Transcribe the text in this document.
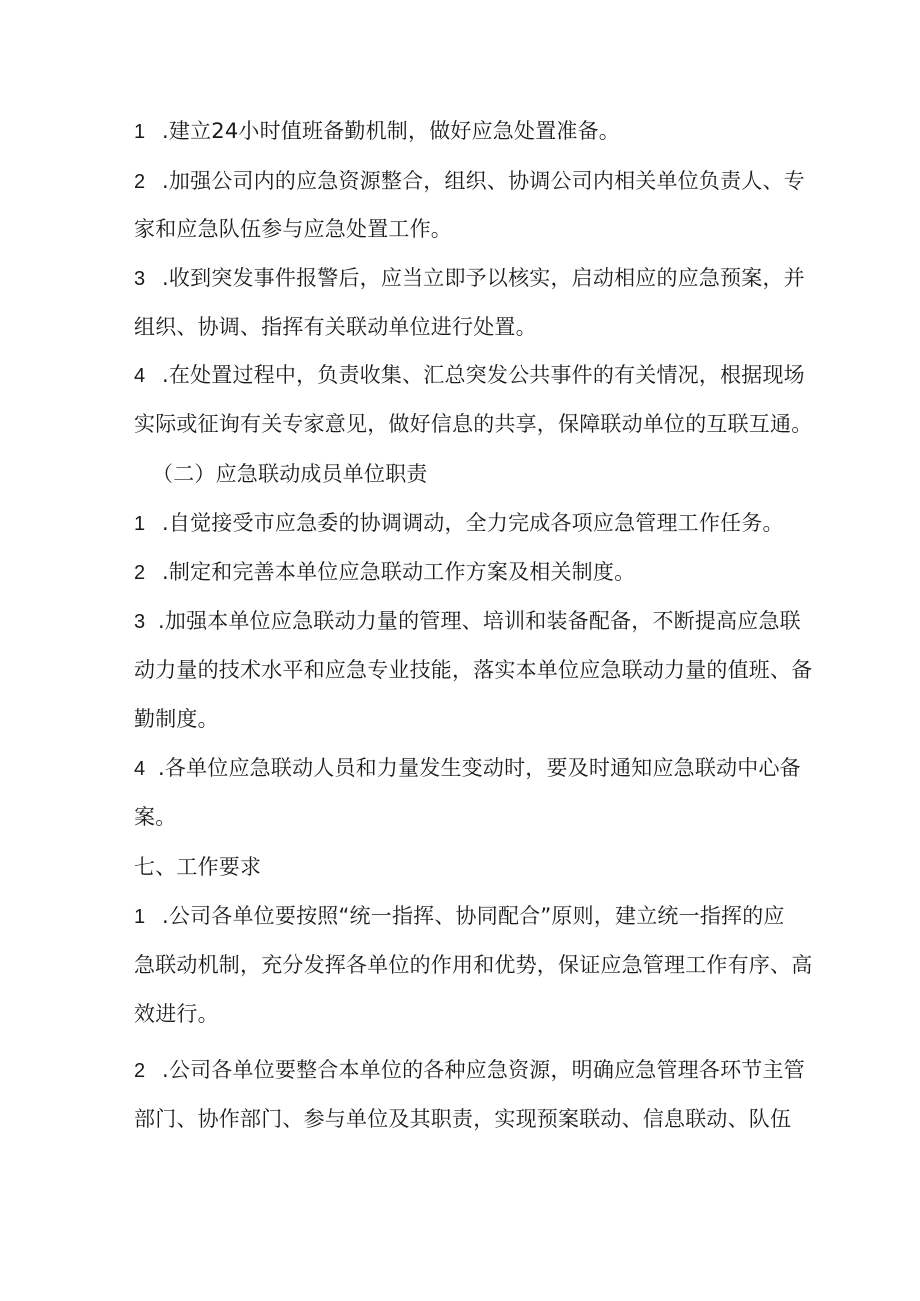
1 .建立24小时值班备勤机制，做好应急处置准备。
2 .加强公司内的应急资源整合，组织、协调公司内相关单位负责人、专
家和应急队伍参与应急处置工作。
3 .收到突发事件报警后，应当立即予以核实，启动相应的应急预案，并
组织、协调、指挥有关联动单位进行处置。
4 .在处置过程中，负责收集、汇总突发公共事件的有关情况，根据现场
实际或征询有关专家意见，做好信息的共享，保障联动单位的互联互通。
（二）应急联动成员单位职责
1 .自觉接受市应急委的协调调动，全力完成各项应急管理工作任务。
2 .制定和完善本单位应急联动工作方案及相关制度。
3 .加强本单位应急联动力量的管理、培训和装备配备，不断提高应急联
动力量的技术水平和应急专业技能，落实本单位应急联动力量的值班、备
勤制度。
4 .各单位应急联动人员和力量发生变动时，要及时通知应急联动中心备
案。
七、工作要求
1 .公司各单位要按照“统一指挥、协同配合”原则，建立统一指挥的应
急联动机制，充分发挥各单位的作用和优势，保证应急管理工作有序、高
效进行。
2 .公司各单位要整合本单位的各种应急资源，明确应急管理各环节主管
部门、协作部门、参与单位及其职责，实现预案联动、信息联动、队伍
